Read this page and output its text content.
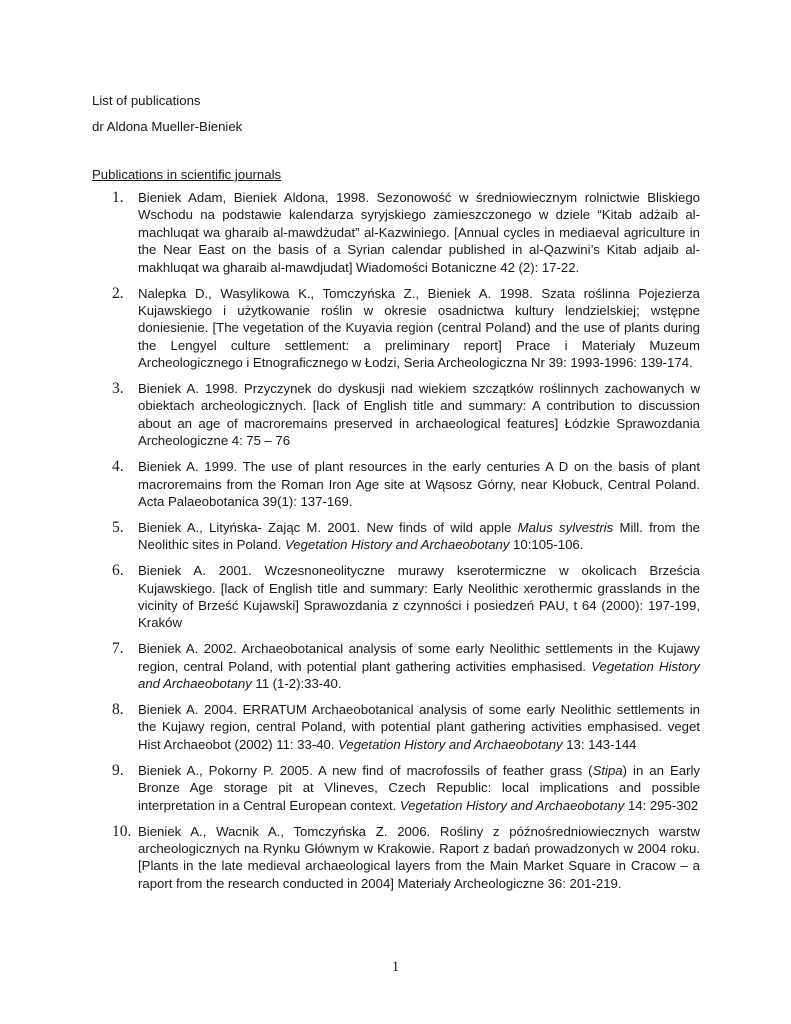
List of publications
dr Aldona Mueller-Bieniek
Publications in scientific journals
1. Bieniek Adam, Bieniek Aldona, 1998. Sezonowość w średniowiecznym rolnictwie Bliskiego Wschodu na podstawie kalendarza syryjskiego zamieszczonego w dziele “Kitab adżaib al-machluqat wa gharaib al-mawdżudat” al-Kazwiniego. [Annual cycles in mediaeval agriculture in the Near East on the basis of a Syrian calendar published in al-Qazwini’s Kitab adjaib al-makhluqat wa gharaib al-mawdjudat] Wiadomości Botaniczne 42 (2): 17-22.
2. Nalepka D., Wasylikowa K., Tomczyńska Z., Bieniek A. 1998. Szata roślinna Pojezierza Kujawskiego i użytkowanie roślin w okresie osadnictwa kultury lendzielskiej; wstępne doniesienie. [The vegetation of the Kuyavia region (central Poland) and the use of plants during the Lengyel culture settlement: a preliminary report] Prace i Materiały Muzeum Archeologicznego i Etnograficznego w Łodzi, Seria Archeologiczna Nr 39: 1993-1996: 139-174.
3. Bieniek A. 1998. Przyczynek do dyskusji nad wiekiem szczątków roślinnych zachowanych w obiektach archeologicznych. [lack of English title and summary: A contribution to discussion about an age of macroremains preserved in archaeological features] Łódzkie Sprawozdania Archeologiczne 4: 75 – 76
4. Bieniek A. 1999. The use of plant resources in the early centuries A D on the basis of plant macroremains from the Roman Iron Age site at Wąsosz Górny, near Kłobuck, Central Poland. Acta Palaeobotanica 39(1): 137-169.
5. Bieniek A., Lityńska- Zając M. 2001. New finds of wild apple Malus sylvestris Mill. from the Neolithic sites in Poland. Vegetation History and Archaeobotany 10:105-106.
6. Bieniek A. 2001. Wczesnoneolityczne murawy kserotermiczne w okolicach Brześcia Kujawskiego. [lack of English title and summary: Early Neolithic xerothermic grasslands in the vicinity of Brześć Kujawski] Sprawozdania z czynności i posiedzeń PAU, t 64 (2000): 197-199, Kraków
7. Bieniek A. 2002. Archaeobotanical analysis of some early Neolithic settlements in the Kujawy region, central Poland, with potential plant gathering activities emphasised. Vegetation History and Archaeobotany 11 (1-2):33-40.
8. Bieniek A. 2004. ERRATUM Archaeobotanical analysis of some early Neolithic settlements in the Kujawy region, central Poland, with potential plant gathering activities emphasised. veget Hist Archaeobot (2002) 11: 33-40. Vegetation History and Archaeobotany 13: 143-144
9. Bieniek A., Pokorny P. 2005. A new find of macrofossils of feather grass (Stipa) in an Early Bronze Age storage pit at Vlineves, Czech Republic: local implications and possible interpretation in a Central European context. Vegetation History and Archaeobotany 14: 295-302
10. Bieniek A., Wacnik A., Tomczyńska Z. 2006. Rośliny z późnośredniowiecznych warstw archeologicznych na Rynku Głównym w Krakowie. Raport z badań prowadzonych w 2004 roku. [Plants in the late medieval archaeological layers from the Main Market Square in Cracow – a raport from the research conducted in 2004] Materiały Archeologiczne 36: 201-219.
1
